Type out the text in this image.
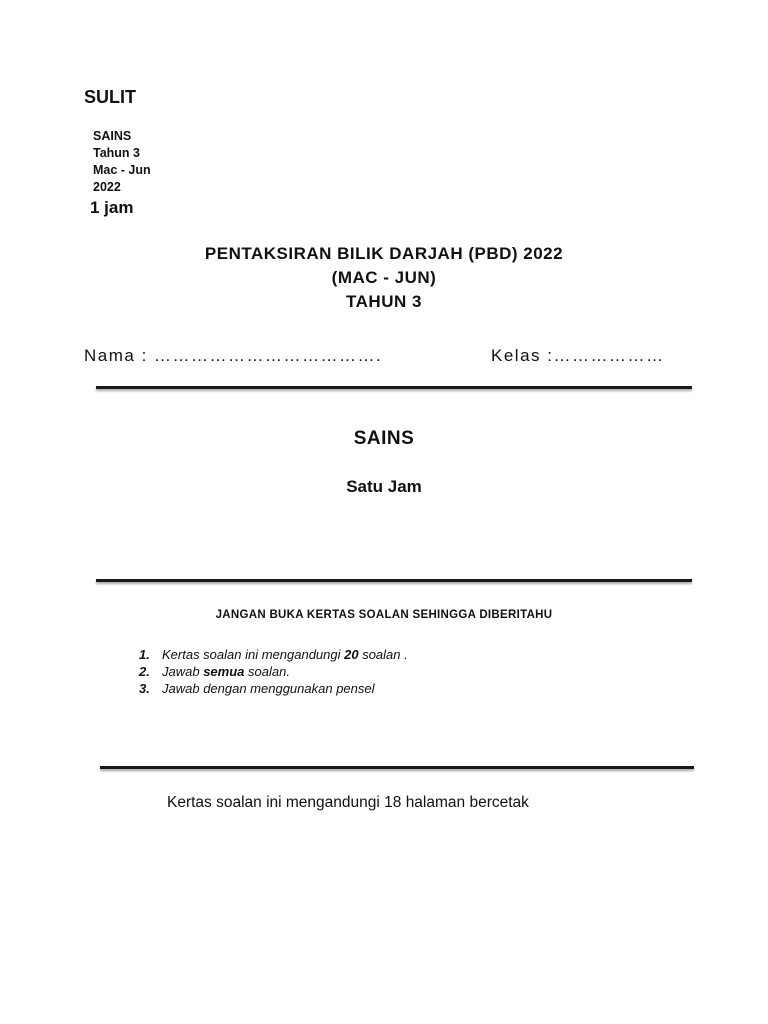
SULIT
SAINS
Tahun 3
Mac - Jun
2022
1 jam
PENTAKSIRAN BILIK DARJAH (PBD) 2022
(MAC - JUN)
TAHUN 3
Nama : ……………………………….	Kelas :………………
SAINS
Satu Jam
JANGAN BUKA KERTAS SOALAN SEHINGGA DIBERITAHU
1. Kertas soalan ini mengandungi 20 soalan .
2. Jawab semua soalan.
3. Jawab dengan menggunakan pensel
Kertas soalan ini mengandungi 18 halaman bercetak
